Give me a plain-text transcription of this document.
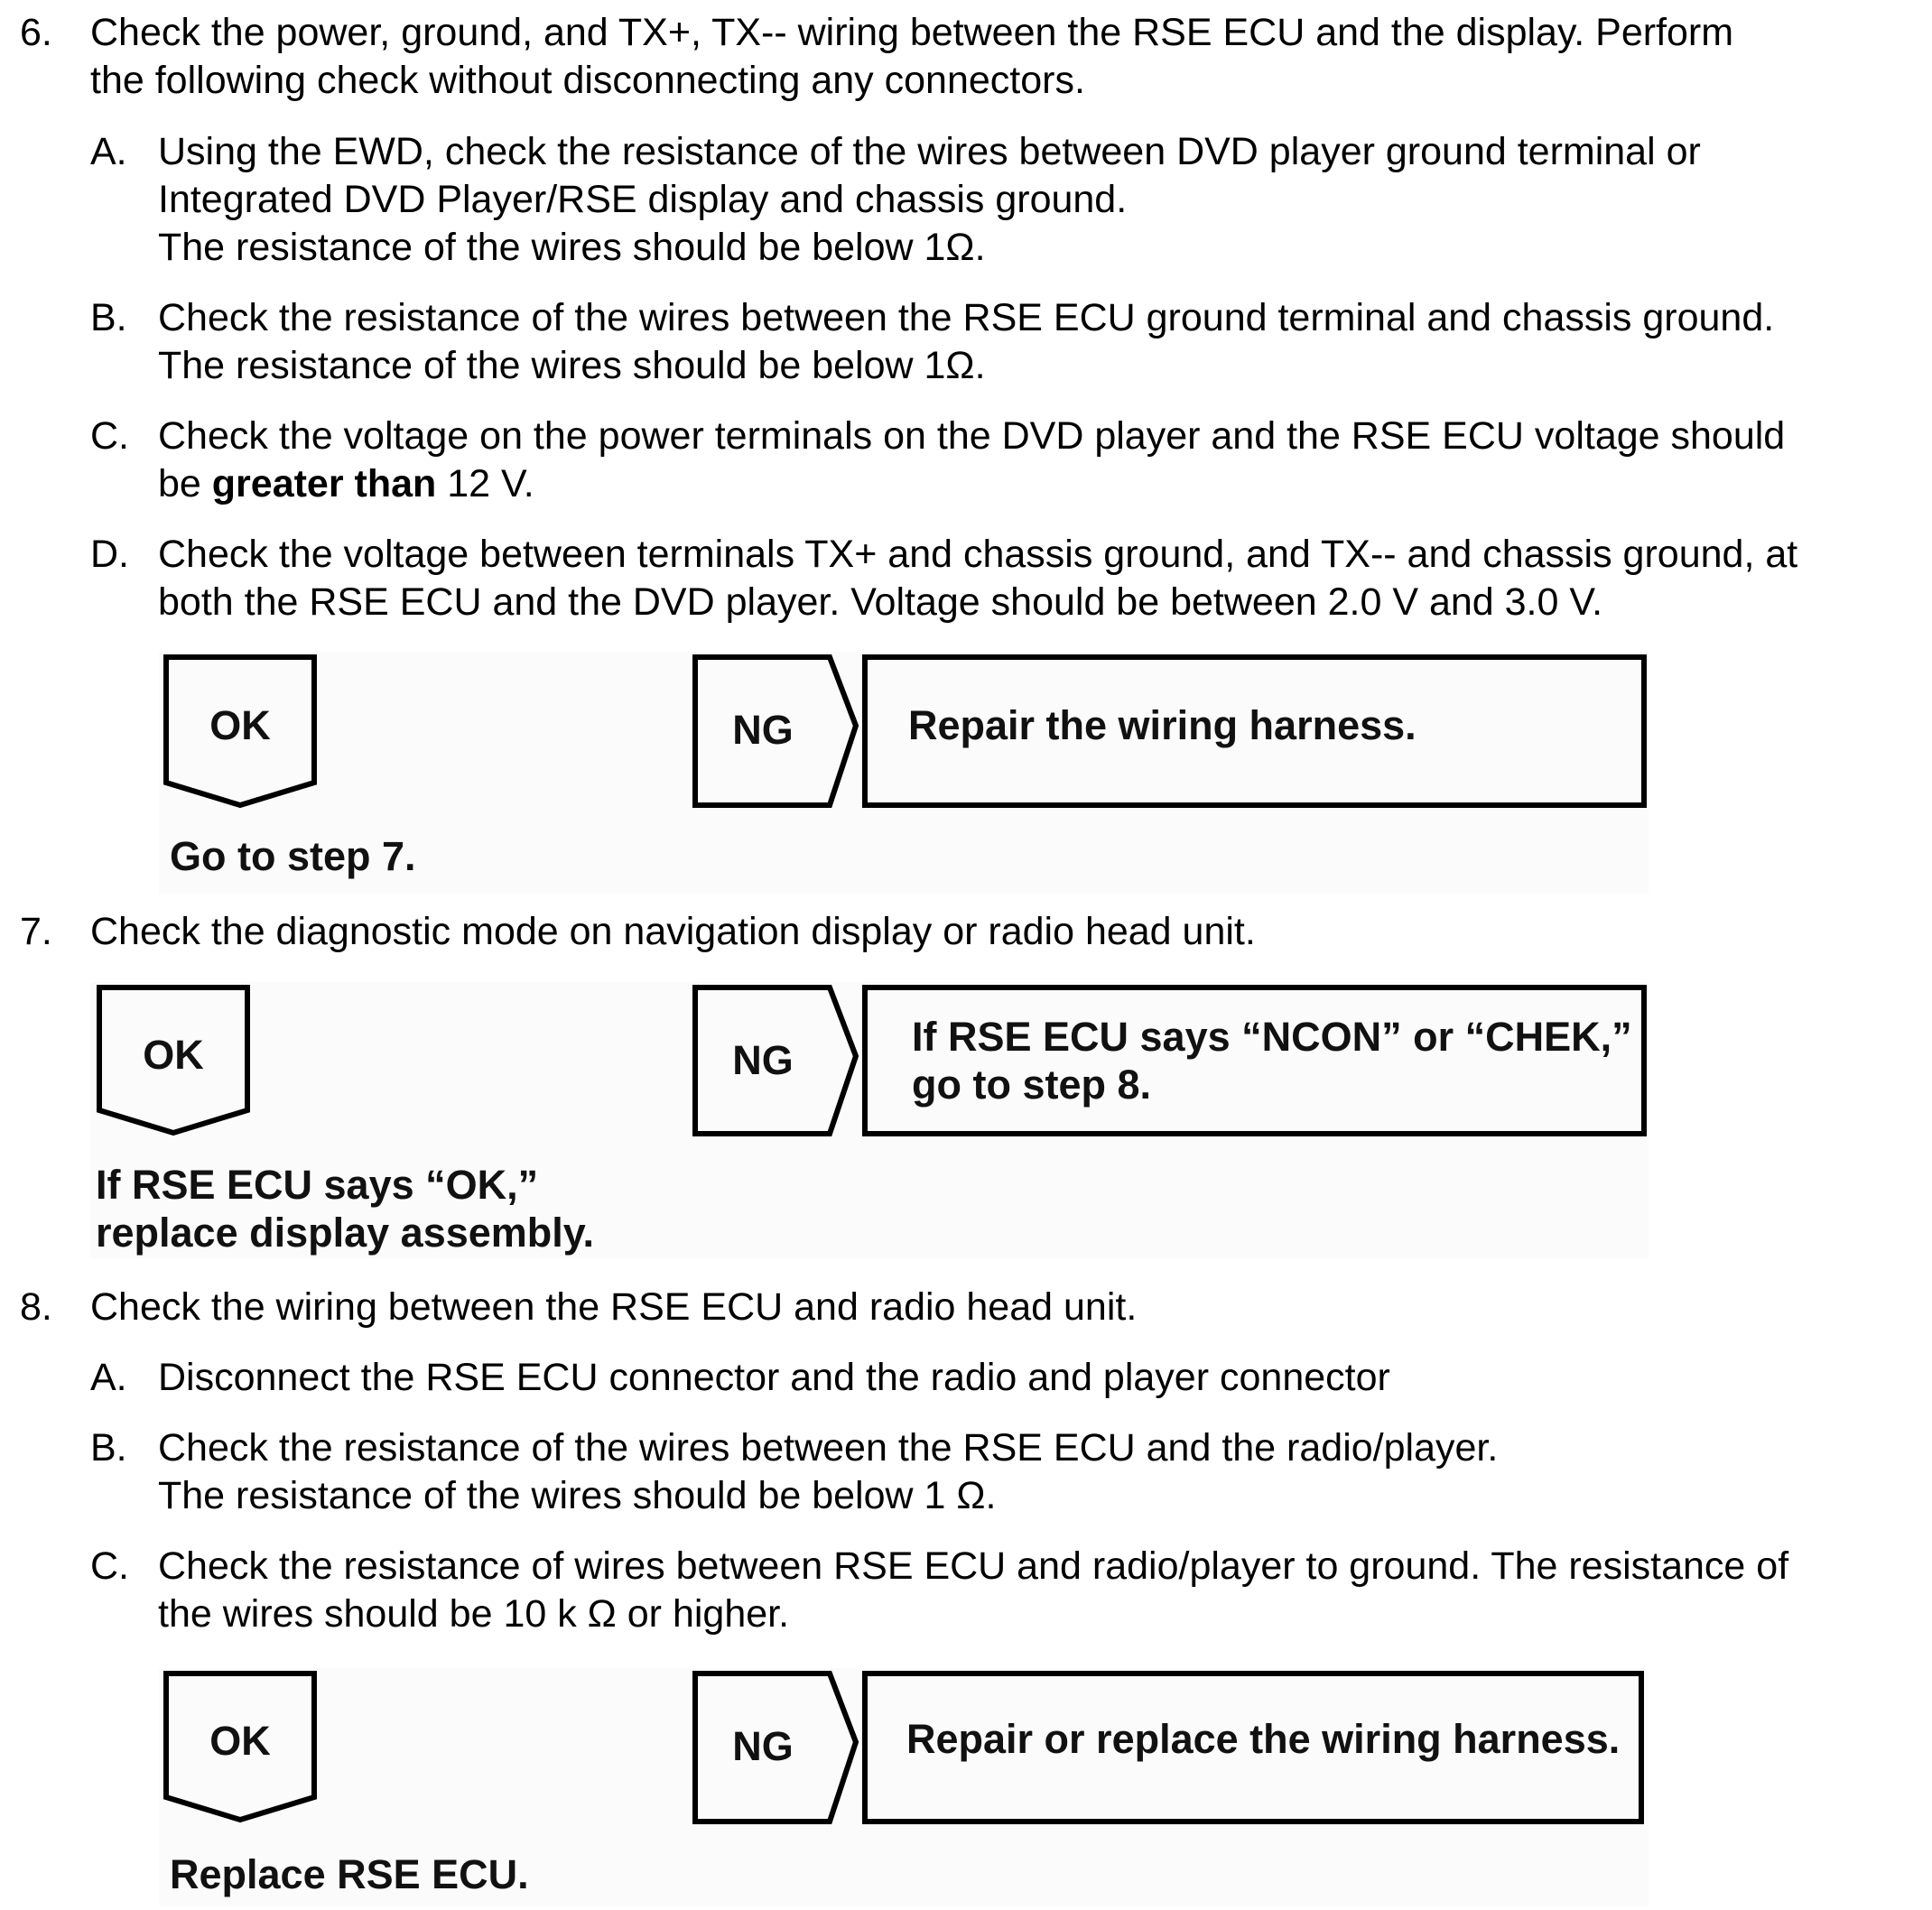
6. Check the power, ground, and TX+, TX-- wiring between the RSE ECU and the display. Perform

the following check without disconnecting any connectors.

A. Using the EWD, check the resistance of the wires between DVD player ground terminal or

Integrated DVD Player/RSE display and chassis ground.

The resistance of the wires should be below 1Ω.

B. Check the resistance of the wires between the RSE ECU ground terminal and chassis ground.

The resistance of the wires should be below 1Ω.

C. Check the voltage on the power terminals on the DVD player and the RSE ECU voltage should

be greater than 12 V.

D. Check the voltage between terminals TX+ and chassis ground, and TX-- and chassis ground, at

both the RSE ECU and the DVD player. Voltage should be between 2.0 V and 3.0 V.

OK
Go to step 7.
NG	Repair the wiring harness.
7. Check the diagnostic mode on navigation display or radio head unit.

OK
If RSE ECU says “OK,”
replace display assembly.
NG
If RSE ECU says “NCON” or “CHEK,”
go to step 8.
8. Check the wiring between the RSE ECU and radio head unit.

A. Disconnect the RSE ECU connector and the radio and player connector

B. Check the resistance of the wires between the RSE ECU and the radio/player.

The resistance of the wires should be below 1 Ω.

C. Check the resistance of wires between RSE ECU and radio/player to ground. The resistance of

the wires should be 10 k Ω or higher.

OK
Replace RSE ECU.
NG	Repair or replace the wiring harness.
